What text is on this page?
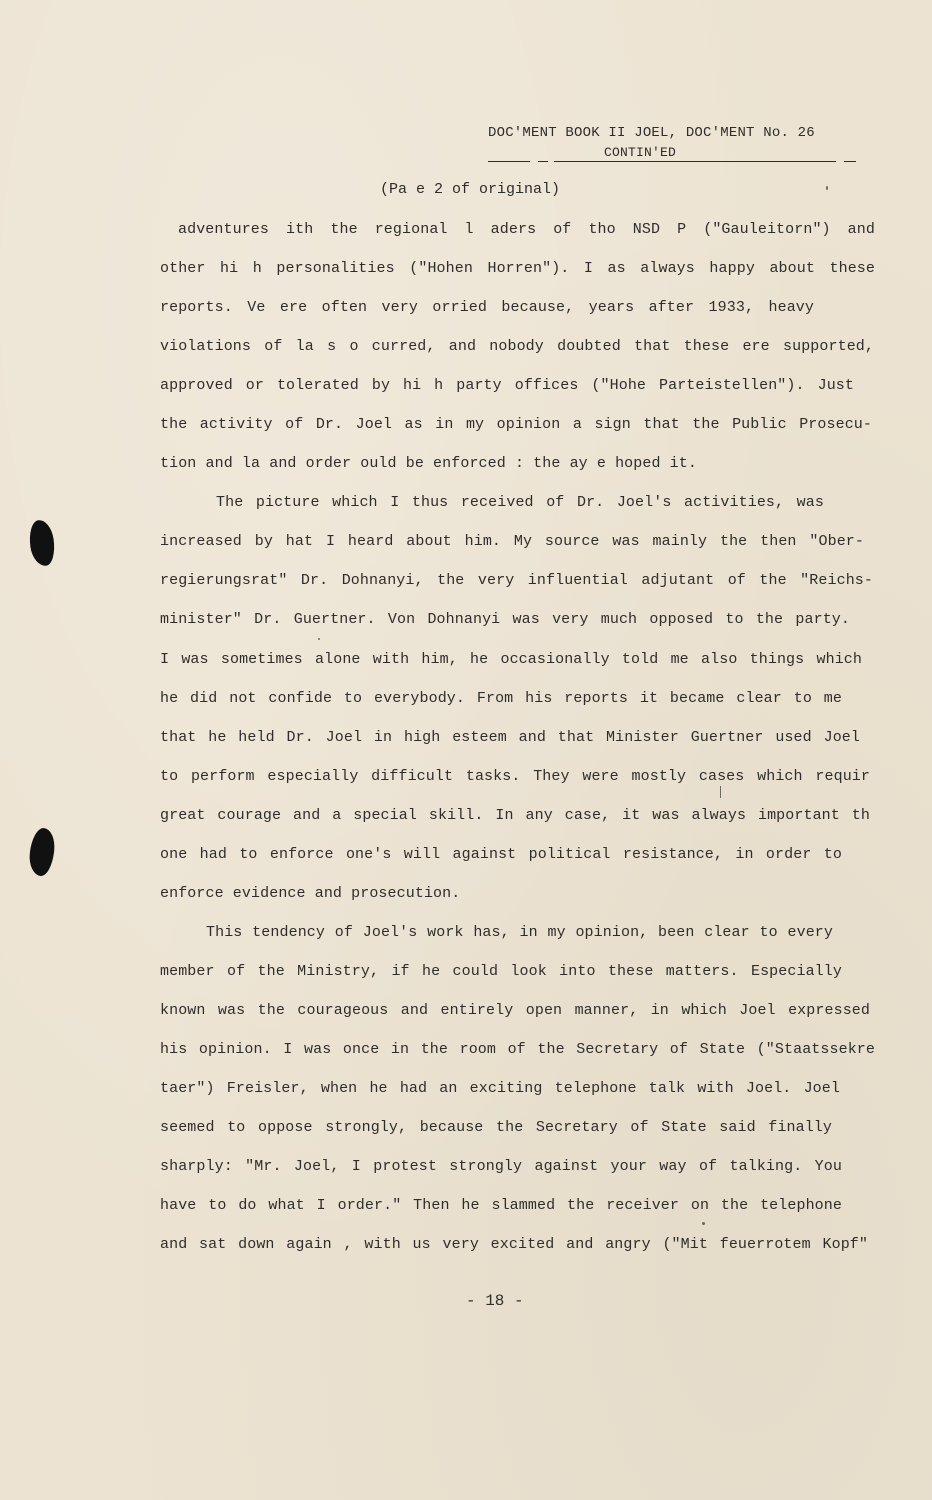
DOC'MENT BOOK II JOEL, DOC'MENT No. 26
CONTIN'ED
(Pa e 2 of original)
adventures ith the regional l aders of tho NSD P ("Gauleitorn") and
other hi h personalities ("Hohen Horren"). I as always happy about these
reports. Ve ere often very orried because, years after 1933, heavy
violations of la s o curred, and nobody doubted that these ere supported,
approved or tolerated by hi h party offices ("Hohe Parteistellen"). Just
the activity of Dr. Joel as in my opinion a sign that the Public Prosecu-
tion and la and order ould be enforced : the ay e hoped it.
The picture which I thus received of Dr. Joel's activities, was
increased by hat I heard about him. My source was mainly the then "Ober-
regierungsrat" Dr. Dohnanyi, the very influential adjutant of the "Reichs-
minister" Dr. Guertner. Von Dohnanyi was very much opposed to the party.
I was sometimes alone with him, he occasionally told me also things which
he did not confide to everybody. From his reports it became clear to me
that he held Dr. Joel in high esteem and that Minister Guertner used Joel
to perform especially difficult tasks. They were mostly cases which requir
great courage and a special skill. In any case, it was always important th
one had to enforce one's will against political resistance, in order to
enforce evidence and prosecution.
This tendency of Joel's work has, in my opinion, been clear to every
member of the Ministry, if he could look into these matters. Especially
known was the courageous and entirely open manner, in which Joel expressed
his opinion. I was once in the room of the Secretary of State ("Staatssekre
taer") Freisler, when he had an exciting telephone talk with Joel. Joel
seemed to oppose strongly, because the Secretary of State said finally
sharply: "Mr. Joel, I protest strongly against your way of talking. You
have to do what I order." Then he slammed the receiver on the telephone
and sat down again , with us very excited and angry ("Mit feuerrotem Kopf"
- 18 -
